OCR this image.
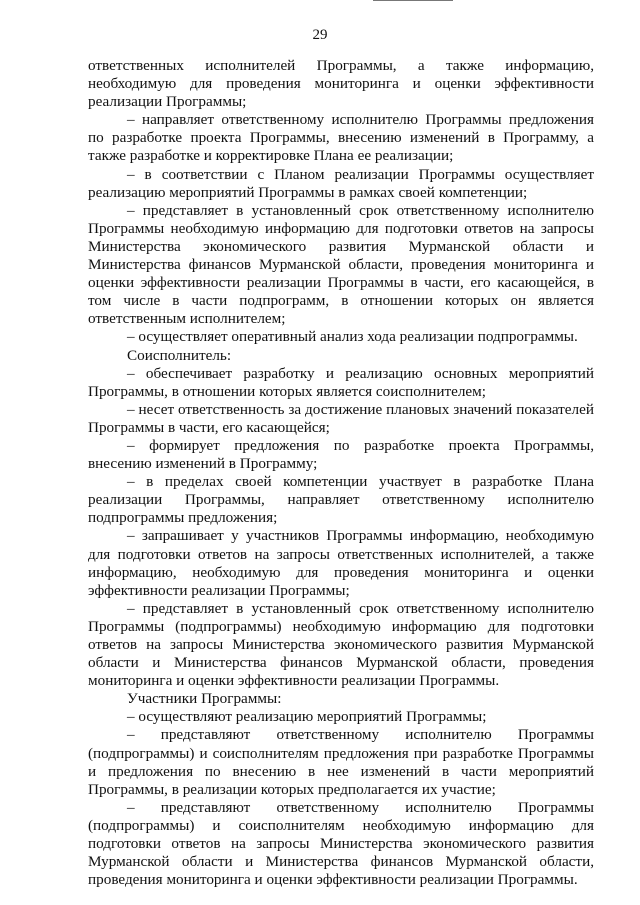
29

ответственных исполнителей Программы, а также информацию, необходимую для проведения мониторинга и оценки эффективности реализации Программы;

– направляет ответственному исполнителю Программы предложения по разработке проекта Программы, внесению изменений в Программу, а также разработке и корректировке Плана ее реализации;

– в соответствии с Планом реализации Программы осуществляет реализацию мероприятий Программы в рамках своей компетенции;

– представляет в установленный срок ответственному исполнителю Программы необходимую информацию для подготовки ответов на запросы Министерства экономического развития Мурманской области и Министерства финансов Мурманской области, проведения мониторинга и оценки эффективности реализации Программы в части, его касающейся, в том числе в части подпрограмм, в отношении которых он является ответственным исполнителем;

– осуществляет оперативный анализ хода реализации подпрограммы.

Соисполнитель:

– обеспечивает разработку и реализацию основных мероприятий Программы, в отношении которых является соисполнителем;

– несет ответственность за достижение плановых значений показателей Программы в части, его касающейся;

– формирует предложения по разработке проекта Программы, внесению изменений в Программу;

– в пределах своей компетенции участвует в разработке Плана реализации Программы, направляет ответственному исполнителю подпрограммы предложения;

– запрашивает у участников Программы информацию, необходимую для подготовки ответов на запросы ответственных исполнителей, а также информацию, необходимую для проведения мониторинга и оценки эффективности реализации Программы;

– представляет в установленный срок ответственному исполнителю Программы (подпрограммы) необходимую информацию для подготовки ответов на запросы Министерства экономического развития Мурманской области и Министерства финансов Мурманской области, проведения мониторинга и оценки эффективности реализации Программы.

Участники Программы:

– осуществляют реализацию мероприятий Программы;

– представляют ответственному исполнителю Программы (подпрограммы) и соисполнителям предложения при разработке Программы и предложения по внесению в нее изменений в части мероприятий Программы, в реализации которых предполагается их участие;

– представляют ответственному исполнителю Программы (подпрограммы) и соисполнителям необходимую информацию для подготовки ответов на запросы Министерства экономического развития Мурманской области и Министерства финансов Мурманской области, проведения мониторинга и оценки эффективности реализации Программы.
